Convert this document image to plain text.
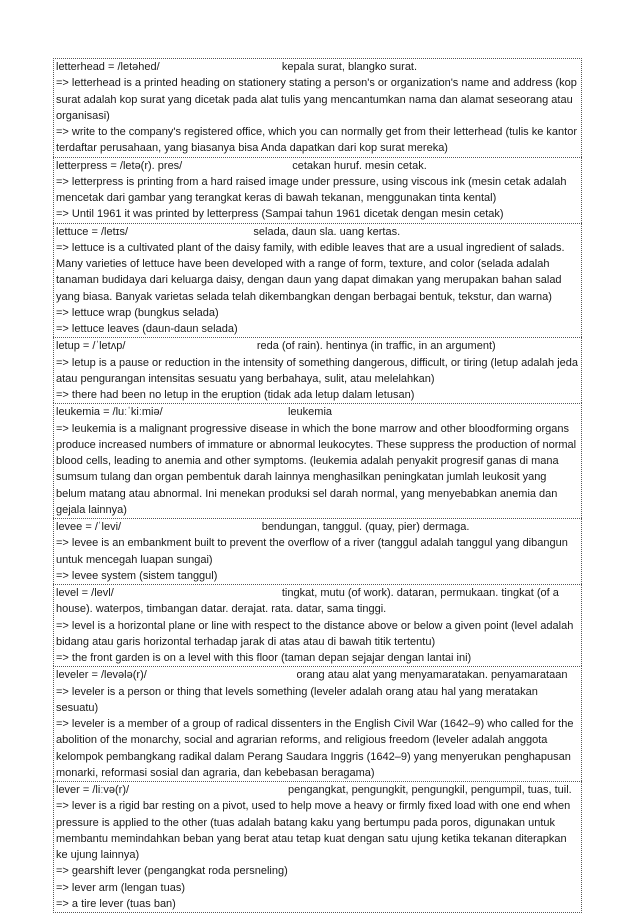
letterhead = /letəhed/                                        kepala surat, blangko surat.
=> letterhead is a printed heading on stationery stating a person's or organization's name and address (kop surat adalah kop surat yang dicetak pada alat tulis yang mencantumkan nama dan alamat seseorang atau organisasi)
=> write to the company's registered office, which you can normally get from their letterhead (tulis ke kantor terdaftar perusahaan, yang biasanya bisa Anda dapatkan dari kop surat mereka)
letterpress = /letə(r). pres/                                    cetakan huruf. mesin cetak.
=> letterpress is printing from a hard raised image under pressure, using viscous ink (mesin cetak adalah mencetak dari gambar yang terangkat keras di bawah tekanan, menggunakan tinta kental)
=> Until 1961 it was printed by letterpress (Sampai tahun 1961 dicetak dengan mesin cetak)
lettuce = /letɪs/                                         selada, daun sla. uang kertas.
=> lettuce is a cultivated plant of the daisy family, with edible leaves that are a usual ingredient of salads. Many varieties of lettuce have been developed with a range of form, texture, and color (selada adalah tanaman budidaya dari keluarga daisy, dengan daun yang dapat dimakan yang merupakan bahan salad yang biasa. Banyak varietas selada telah dikembangkan dengan berbagai bentuk, tekstur, dan warna)
=> lettuce wrap (bungkus selada)
=> lettuce leaves (daun-daun selada)
letup = /ˈletʌp/                                           reda (of rain). hentinya (in traffic, in an argument)
=> letup is a pause or reduction in the intensity of something dangerous, difficult, or tiring (letup adalah jeda atau pengurangan intensitas sesuatu yang berbahaya, sulit, atau melelahkan)
=> there had been no letup in the eruption (tidak ada letup dalam letusan)
leukemia = /luːˈkiːmiə/                                         leukemia
=> leukemia is a malignant progressive disease in which the bone marrow and other bloodforming organs produce increased numbers of immature or abnormal leukocytes. These suppress the production of normal blood cells, leading to anemia and other symptoms. (leukemia adalah penyakit progresif ganas di mana sumsum tulang dan organ pembentuk darah lainnya menghasilkan peningkatan jumlah leukosit yang belum matang atau abnormal. Ini menekan produksi sel darah normal, yang menyebabkan anemia dan gejala lainnya)
levee = /ˈlevi/                                              bendungan, tanggul. (quay, pier) dermaga.
=> levee is an embankment built to prevent the overflow of a river (tanggul adalah tanggul yang dibangun untuk mencegah luapan sungai)
=> levee system (sistem tanggul)
level = /levl/                                                       tingkat, mutu (of work). dataran, permukaan. tingkat (of a house). waterpos, timbangan datar. derajat. rata. datar, sama tinggi.
=> level is a horizontal plane or line with respect to the distance above or below a given point (level adalah bidang atau garis horizontal terhadap jarak di atas atau di bawah titik tertentu)
=> the front garden is on a level with this floor (taman depan sejajar dengan lantai ini)
leveler = /levələ(r)/                                                 orang atau alat yang menyamaratakan. penyamarataan
=> leveler is a person or thing that levels something (leveler adalah orang atau hal yang meratakan sesuatu)
=> leveler is a member of a group of radical dissenters in the English Civil War (1642–9) who called for the abolition of the monarchy, social and agrarian reforms, and religious freedom (leveler adalah anggota kelompok pembangkang radikal dalam Perang Saudara Inggris (1642–9) yang menyerukan penghapusan monarki, reformasi sosial dan agraria, dan kebebasan beragama)
lever = /liːvə(r)/                                                    pengangkat, pengungkit, pengungkil, pengumpil, tuas, tuil.
=> lever is a rigid bar resting on a pivot, used to help move a heavy or firmly fixed load with one end when pressure is applied to the other (tuas adalah batang kaku yang bertumpu pada poros, digunakan untuk membantu memindahkan beban yang berat atau tetap kuat dengan satu ujung ketika tekanan diterapkan ke ujung lainnya)
=> gearshift lever (pengangkat roda persneling)
=> lever arm (lengan tuas)
=> a tire lever (tuas ban)
